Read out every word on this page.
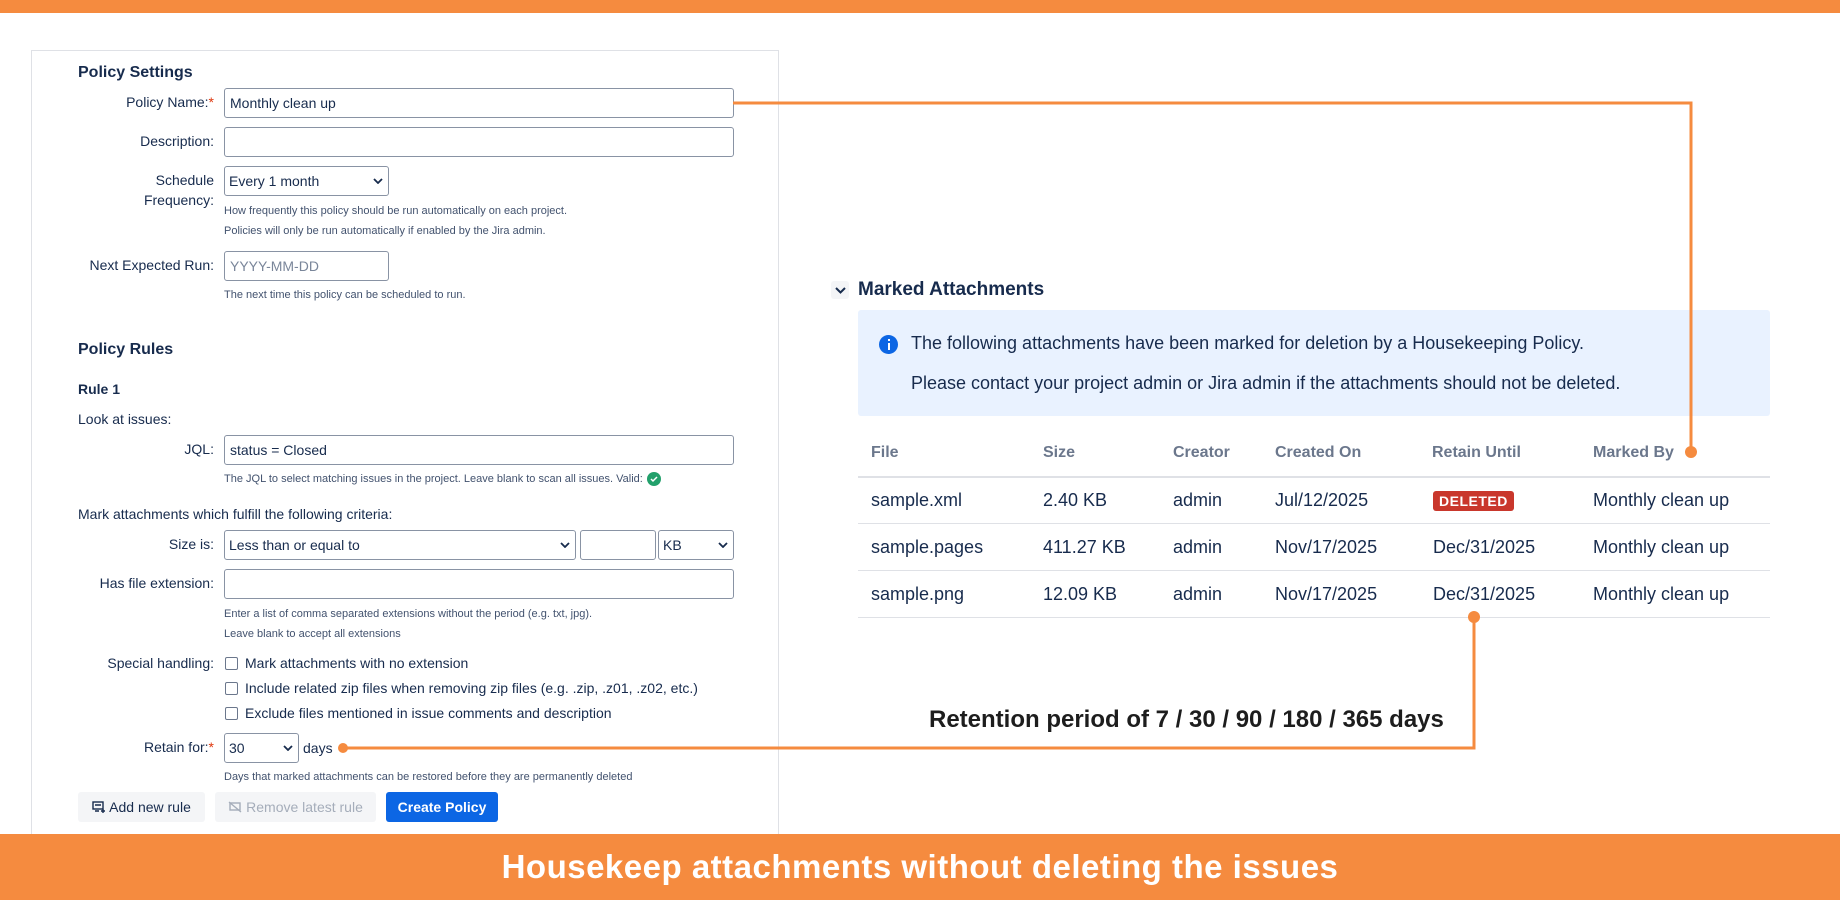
Policy Settings
Policy Name:*	Monthly clean up
Description:
Schedule
Frequency:
Every 1 month
How frequently this policy should be run automatically on each project.
Policies will only be run automatically if enabled by the Jira admin.
Next Expected Run:	YYYY-MM-DD
The next time this policy can be scheduled to run.
Policy Rules
Rule 1
Look at issues:
JQL:	status = Closed
The JQL to select matching issues in the project. Leave blank to scan all issues. Valid:
Mark attachments which fulfill the following criteria:
Size is: Less than or equal to	KB
Has file extension:
Enter a list of comma separated extensions without the period (e.g. txt, jpg).
Leave blank to accept all extensions
Special handling: Mark attachments with no extension
Include related zip files when removing zip files (e.g. .zip, .z01, .z02, etc.)
Exclude files mentioned in issue comments and description
Retain for:* 30	days
Days that marked attachments can be restored before they are permanently deleted
Add new rule	Remove latest rule	Create Policy
Marked Attachments
The following attachments have been marked for deletion by a Housekeeping Policy.
Please contact your project admin or Jira admin if the attachments should not be deleted.
File	Size	Creator	Created On	Retain Until	Marked By
sample.xml	2.40 KB	admin	Jul/12/2025	DELETED	Monthly clean up
sample.pages	411.27 KB	admin	Nov/17/2025	Dec/31/2025	Monthly clean up
sample.png	12.09 KB	admin	Nov/17/2025	Dec/31/2025	Monthly clean up
Retention period of 7 / 30 / 90 / 180 / 365 days
Housekeep attachments without deleting the issues
